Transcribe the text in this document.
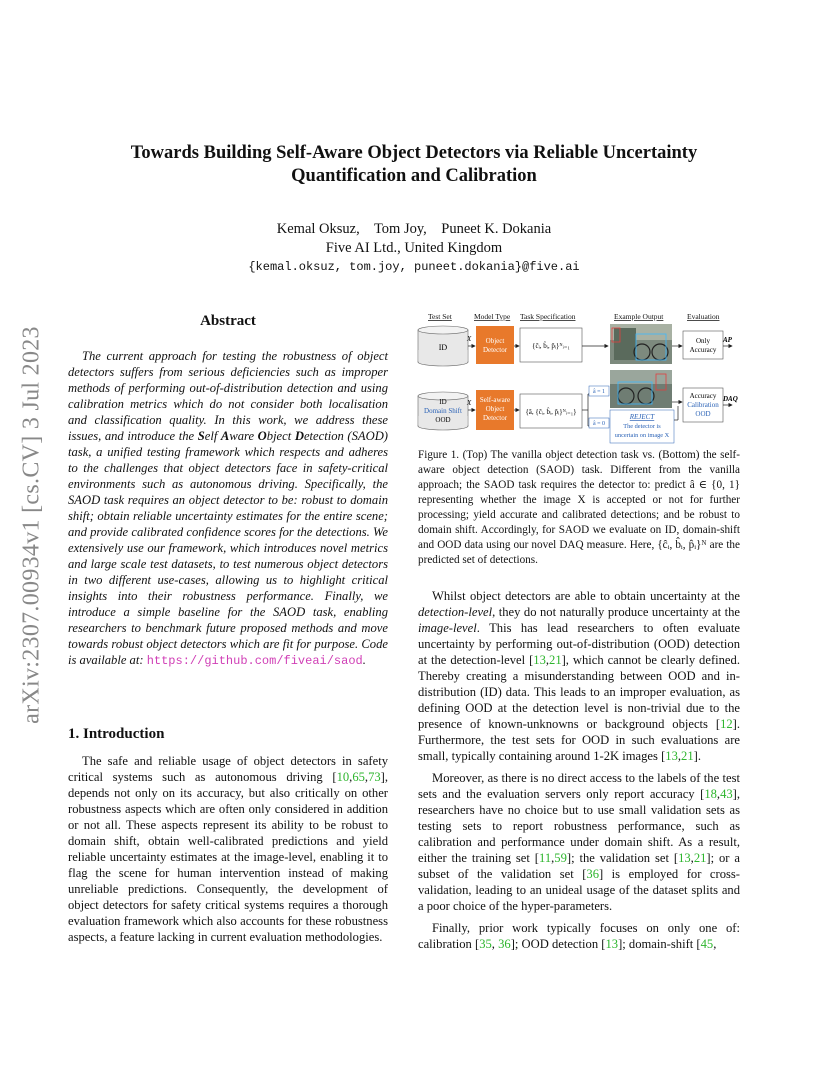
arXiv:2307.00934v1 [cs.CV] 3 Jul 2023
Towards Building Self-Aware Object Detectors via Reliable Uncertainty
Quantification and Calibration
Kemal Oksuz,    Tom Joy,    Puneet K. Dokania
Five AI Ltd., United Kingdom
{kemal.oksuz, tom.joy, puneet.dokania}@five.ai
Abstract
The current approach for testing the robustness of object detectors suffers from serious deficiencies such as improper methods of performing out-of-distribution detection and using calibration metrics which do not consider both localisation and classification quality. In this work, we address these issues, and introduce the Self Aware Object Detection (SAOD) task, a unified testing framework which respects and adheres to the challenges that object detectors face in safety-critical environments such as autonomous driving. Specifically, the SAOD task requires an object detector to be: robust to domain shift; obtain reliable uncertainty estimates for the entire scene; and provide calibrated confidence scores for the detections. We extensively use our framework, which introduces novel metrics and large scale test datasets, to test numerous object detectors in two different use-cases, allowing us to highlight critical insights into their robustness performance. Finally, we introduce a simple baseline for the SAOD task, enabling researchers to benchmark future proposed methods and move towards robust object detectors which are fit for purpose. Code is available at: https://github.com/fiveai/saod.
1. Introduction

The safe and reliable usage of object detectors in safety critical systems such as autonomous driving [10,65,73], depends not only on its accuracy, but also critically on other robustness aspects which are often only considered in addition or not all. These aspects represent its ability to be robust to domain shift, obtain well-calibrated predictions and yield reliable uncertainty estimates at the image-level, enabling it to flag the scene for human intervention instead of making unreliable predictions. Consequently, the development of object detectors for safety critical systems requires a thorough evaluation framework which also accounts for these robustness aspects, a feature lacking in current evaluation methodologies.

Test Set	Model Type Task Specification	Example Output	Evaluation
ID
X Object
Detector	{ĉᵢ, b̂ᵢ, p̂ᵢ}ᴺᵢ₌₁
Only
Accuracy
AP
ID
Domain Shift
OOD
X Self-aware
Object
Detector
{â, {ĉᵢ, b̂ᵢ, p̂ᵢ}ᴺᵢ₌₁}
â = 1
â = 0
REJECT
The detector is
uncertain on image X
Accuracy
Calibration
OOD
DAQ
Figure 1. (Top) The vanilla object detection task vs. (Bottom) the self-aware object detection (SAOD) task. Different from the vanilla approach; the SAOD task requires the detector to: predict â ∈ {0, 1} representing whether the image X is accepted or not for further processing; yield accurate and calibrated detections; and be robust to domain shift. Accordingly, for SAOD we evaluate on ID, domain-shift and OOD data using our novel DAQ measure. Here, {ĉᵢ, b̂ᵢ, p̂ᵢ}ᴺ are the predicted set of detections.

Whilst object detectors are able to obtain uncertainty at the detection-level, they do not naturally produce uncertainty at the image-level. This has lead researchers to often evaluate uncertainty by performing out-of-distribution (OOD) detection at the detection-level [13,21], which cannot be clearly defined. Thereby creating a misunderstanding between OOD and in-distribution (ID) data. This leads to an improper evaluation, as defining OOD at the detection level is non-trivial due to the presence of known-unknowns or background objects [12]. Furthermore, the test sets for OOD in such evaluations are small, typically containing around 1-2K images [13,21].

Moreover, as there is no direct access to the labels of the test sets and the evaluation servers only report accuracy [18,43], researchers have no choice but to use small validation sets as testing sets to report robustness performance, such as calibration and performance under domain shift. As a result, either the training set [11,59]; the validation set [13,21]; or a subset of the validation set [36] is employed for cross-validation, leading to an unideal usage of the dataset splits and a poor choice of the hyper-parameters.

Finally, prior work typically focuses on only one of: calibration [35, 36]; OOD detection [13]; domain-shift [45,
